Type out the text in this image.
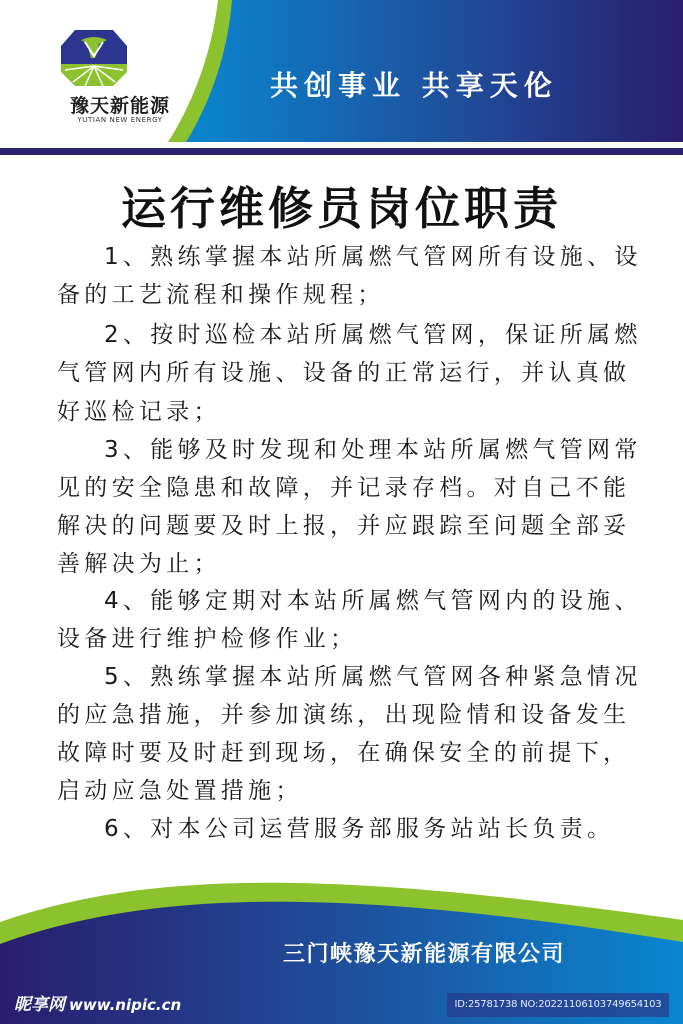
豫天新能源
YUTIAN NEW ENERGY
共创事业 共享天伦
运行维修员岗位职责
1、熟练掌握本站所属燃气管网所有设施、设
备的工艺流程和操作规程；
2、按时巡检本站所属燃气管网，保证所属燃
气管网内所有设施、设备的正常运行，并认真做
好巡检记录；
3、能够及时发现和处理本站所属燃气管网常
见的安全隐患和故障，并记录存档。对自己不能
解决的问题要及时上报，并应跟踪至问题全部妥
善解决为止；
4、能够定期对本站所属燃气管网内的设施、
设备进行维护检修作业；
5、熟练掌握本站所属燃气管网各种紧急情况
的应急措施，并参加演练，出现险情和设备发生
故障时要及时赶到现场，在确保安全的前提下，
启动应急处置措施；
6、对本公司运营服务部服务站站长负责。
三门峡豫天新能源有限公司
昵享网 www.nipic.cn	ID:25781738 NO:20221106103749654103
